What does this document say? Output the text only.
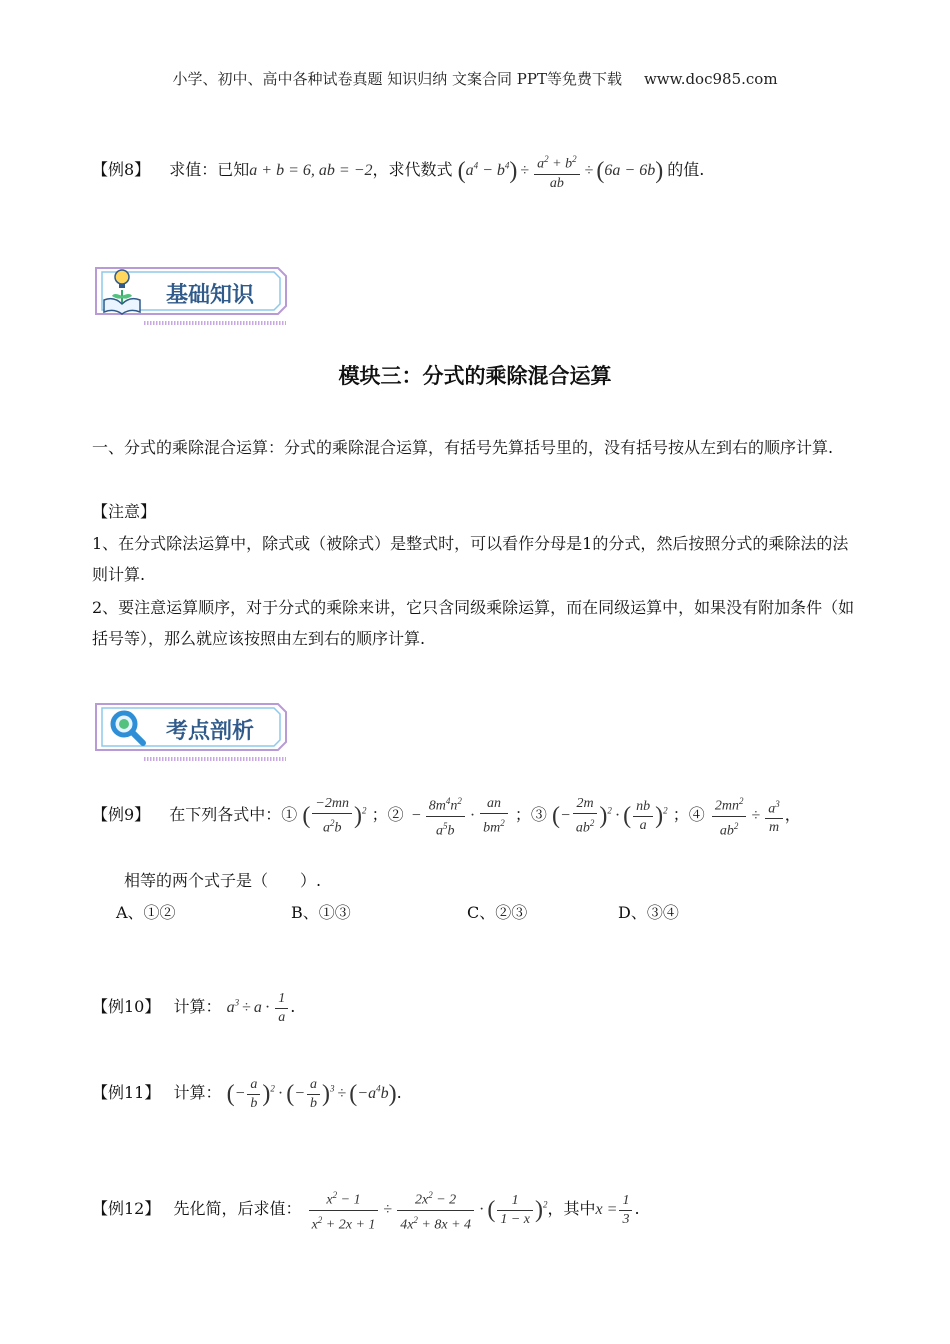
小学、初中、高中各种试卷真题 知识归纳 文案合同 PPT等免费下载 www.doc985.com
【例8】 求值：已知a + b = 6, ab = −2，求代数式 $(a^4 - b^4) \div \frac{a^2 + b^2}{ab} \div (6a - 6b)$ 的值.
基础知识
模块三：分式的乘除混合运算
一、分式的乘除混合运算：分式的乘除混合运算，有括号先算括号里的，没有括号按从左到右的顺序计算.
【注意】
1、在分式除法运算中，除式或（被除式）是整式时，可以看作分母是1的分式，然后按照分式的乘除法的法则计算.
2、要注意运算顺序，对于分式的乘除来讲，它只含同级乘除运算，而在同级运算中，如果没有附加条件（如括号等），那么就应该按照由左到右的顺序计算.
考点剖析
【例9】 在下列各式中：① ( $\frac{-2mn}{a^2b} )^2$ ；② − $\frac{8m^4n^2}{a^5b} \cdot \frac{an}{bm^2}$ ；③ (− $\frac{2m}{ab^2} )^2$ · ( $\frac{nb}{a} )^2$ ；④ $\frac{2mn^2}{ab^2} \div \frac{a^3}{m}$ ，
相等的两个式子是（　　）.
A、①②	B、①③	C、②③	D、③④
【例10】 计算： $a^3 \div a \cdot \frac{1}{a}$ .
【例11】 计算： (− $\frac{a}{b} )^2$ · (− $\frac{a}{b} )^3 \div (-a^4b)$.
【例12】 先化简，后求值： $\frac{x^2 - 1}{x^2 + 2x + 1} \div \frac{2x^2 - 2}{4x^2 + 8x + 4}$ · ( $\frac{1}{1 - x} )^2$，其中$x = \frac{1}{3}$ .
